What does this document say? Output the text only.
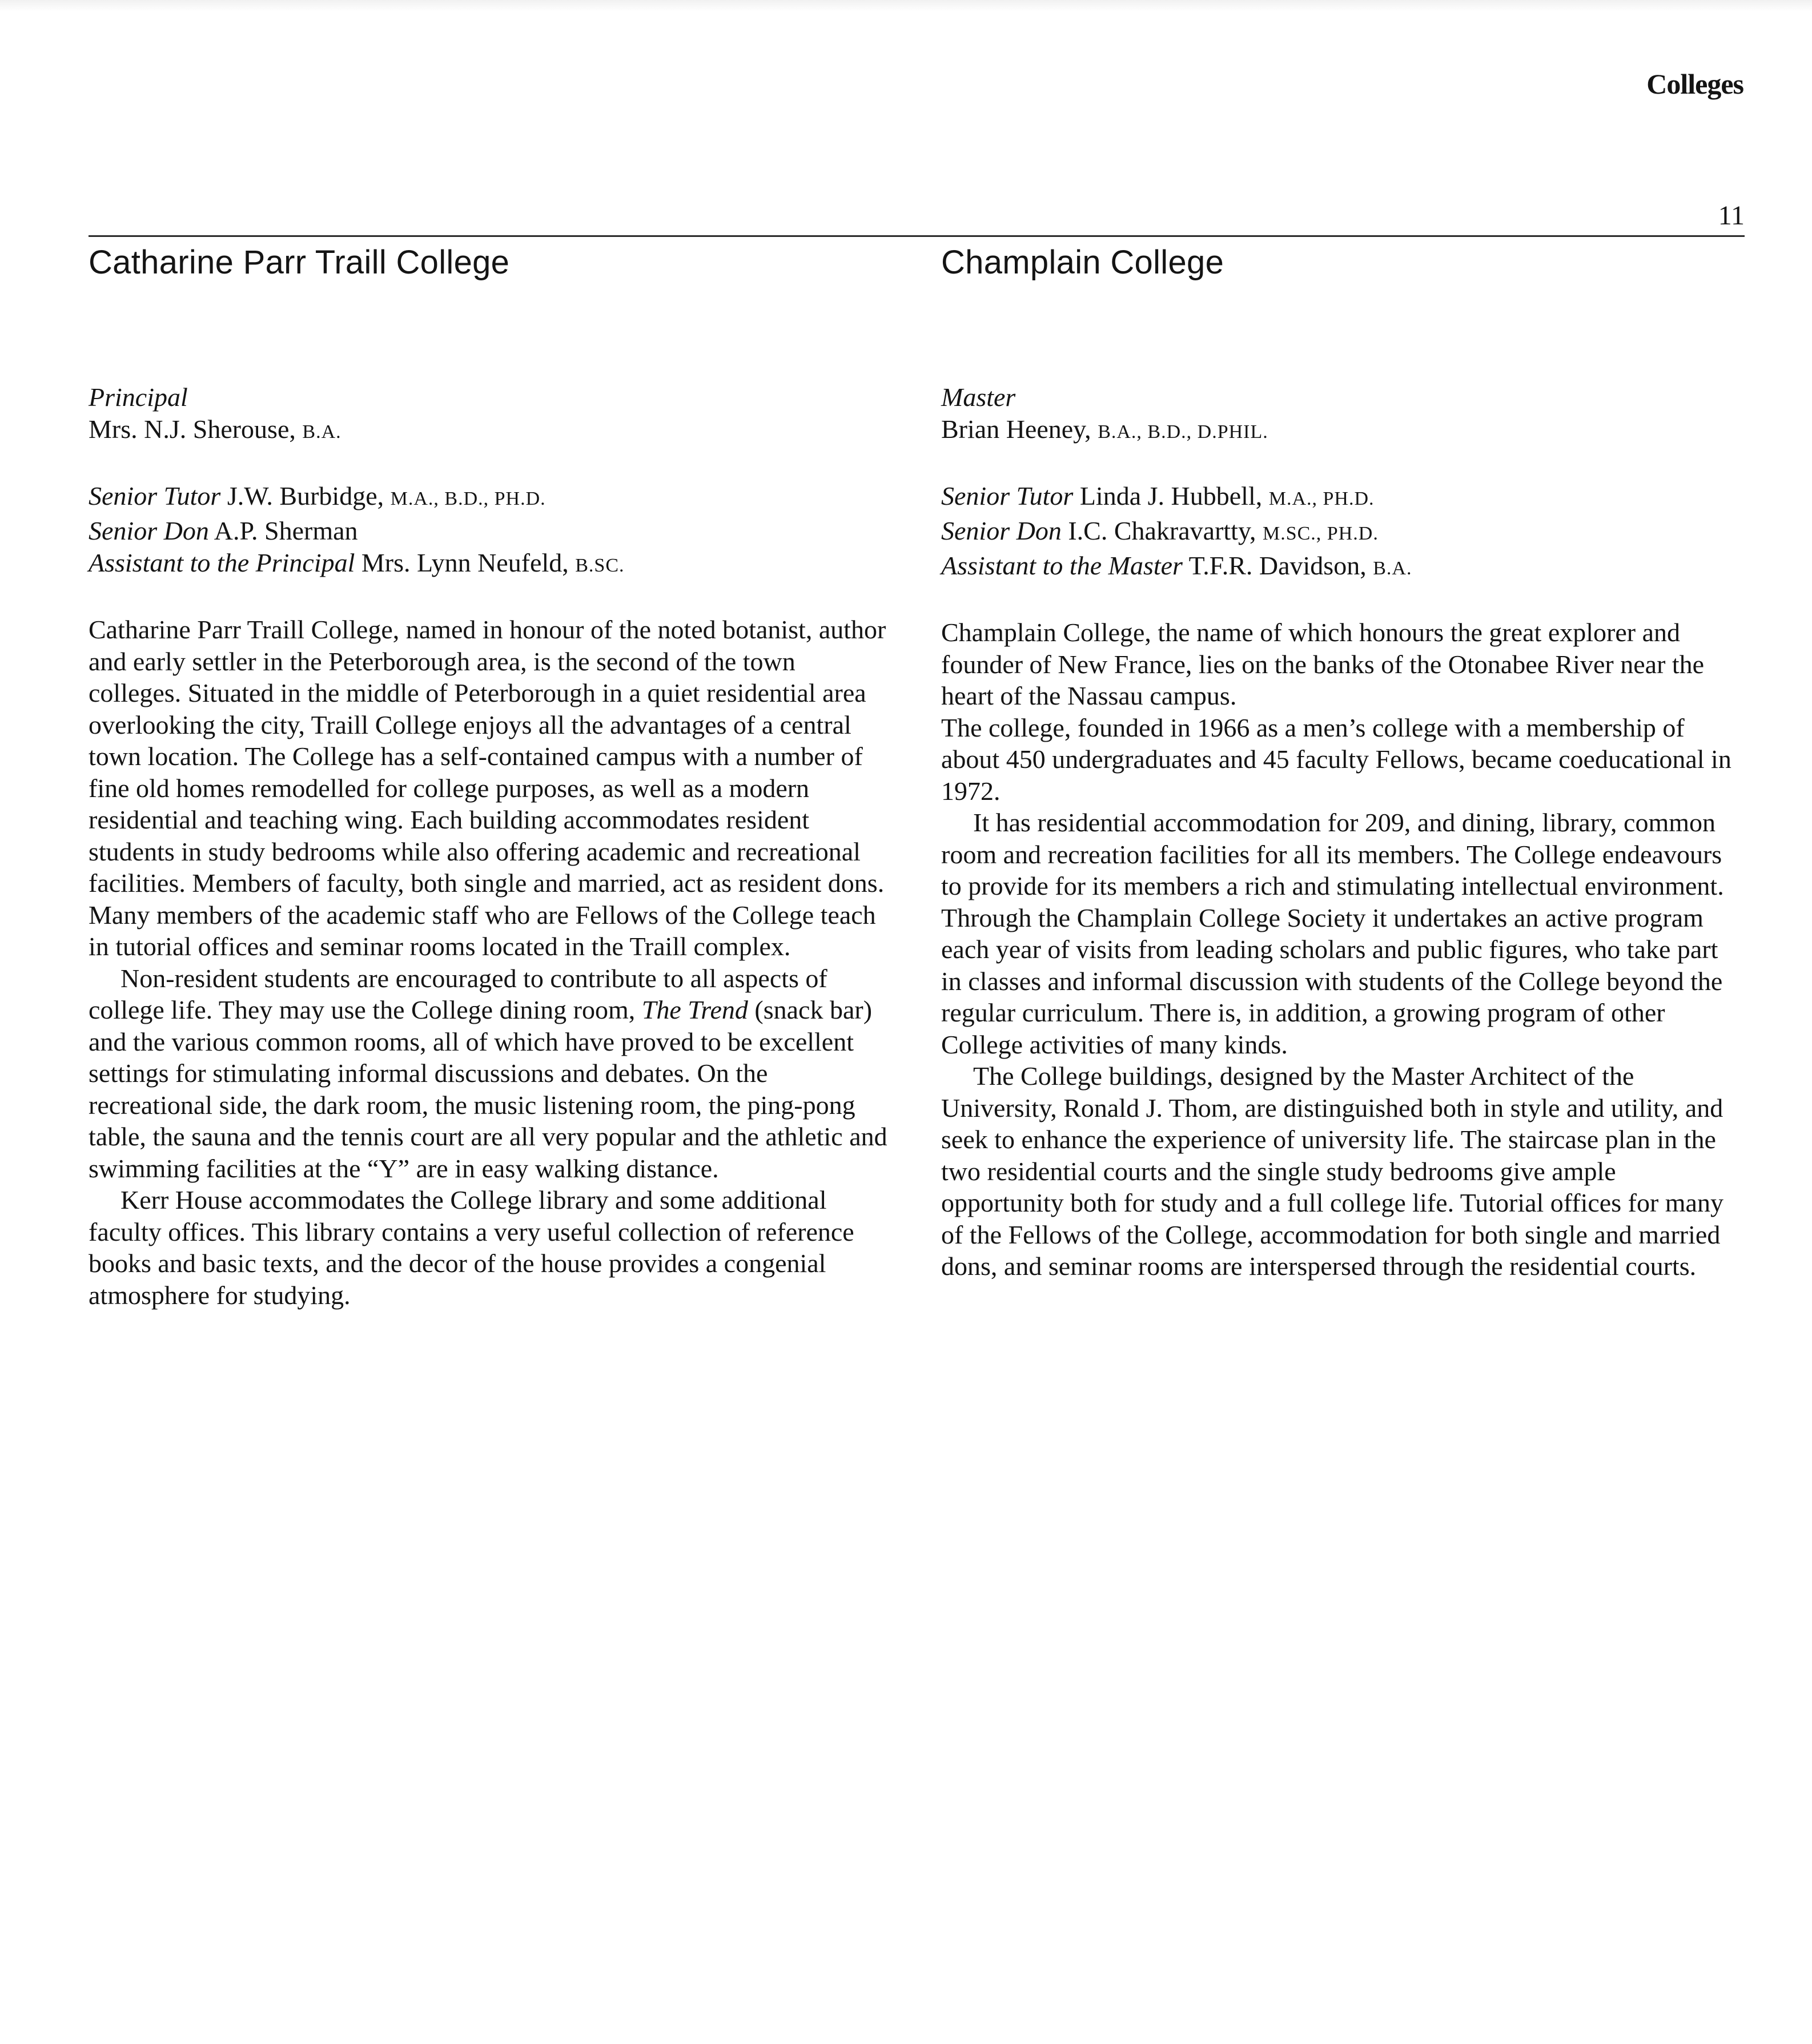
Colleges
11
Catharine Parr Traill College
Principal
Mrs. N.J. Sherouse, B.A.
Senior Tutor J.W. Burbidge, M.A., B.D., PH.D.
Senior Don A.P. Sherman
Assistant to the Principal Mrs. Lynn Neufeld, B.SC.

Catharine Parr Traill College, named in honour of the noted botanist, author and early settler in the Peterborough area, is the second of the town colleges. Situated in the middle of Peterborough in a quiet residential area overlooking the city, Traill College enjoys all the advantages of a central town location. The College has a self-contained campus with a number of fine old homes remodelled for college purposes, as well as a modern residential and teaching wing. Each building accommodates resident students in study bedrooms while also offering academic and recreational facilities. Members of faculty, both single and married, act as resident dons. Many members of the academic staff who are Fellows of the College teach in tutorial offices and seminar rooms located in the Traill complex.

Non-resident students are encouraged to contribute to all aspects of college life. They may use the College dining room, The Trend (snack bar) and the various common rooms, all of which have proved to be excellent settings for stimulating informal discussions and debates. On the recreational side, the dark room, the music listening room, the ping-pong table, the sauna and the tennis court are all very popular and the athletic and swimming facilities at the “Y” are in easy walking distance.

Kerr House accommodates the College library and some additional faculty offices. This library contains a very useful collection of reference books and basic texts, and the decor of the house provides a congenial atmosphere for studying.

Champlain College
Master
Brian Heeney, B.A., B.D., D.PHIL.
Senior Tutor Linda J. Hubbell, M.A., PH.D.
Senior Don I.C. Chakravartty, M.SC., PH.D.
Assistant to the Master T.F.R. Davidson, B.A.

Champlain College, the name of which honours the great explorer and founder of New France, lies on the banks of the Otonabee River near the heart of the Nassau campus.

The college, founded in 1966 as a men’s college with a membership of about 450 undergraduates and 45 faculty Fellows, became coeducational in 1972.

It has residential accommodation for 209, and dining, library, common room and recreation facilities for all its members. The College endeavours to provide for its members a rich and stimulating intellectual environment. Through the Champlain College Society it undertakes an active program each year of visits from leading scholars and public figures, who take part in classes and informal discussion with students of the College beyond the regular curriculum. There is, in addition, a growing program of other College activities of many kinds.

The College buildings, designed by the Master Architect of the University, Ronald J. Thom, are distinguished both in style and utility, and seek to enhance the experience of university life. The staircase plan in the two residential courts and the single study bedrooms give ample opportunity both for study and a full college life. Tutorial offices for many of the Fellows of the College, accommodation for both single and married dons, and seminar rooms are interspersed through the residential courts.
